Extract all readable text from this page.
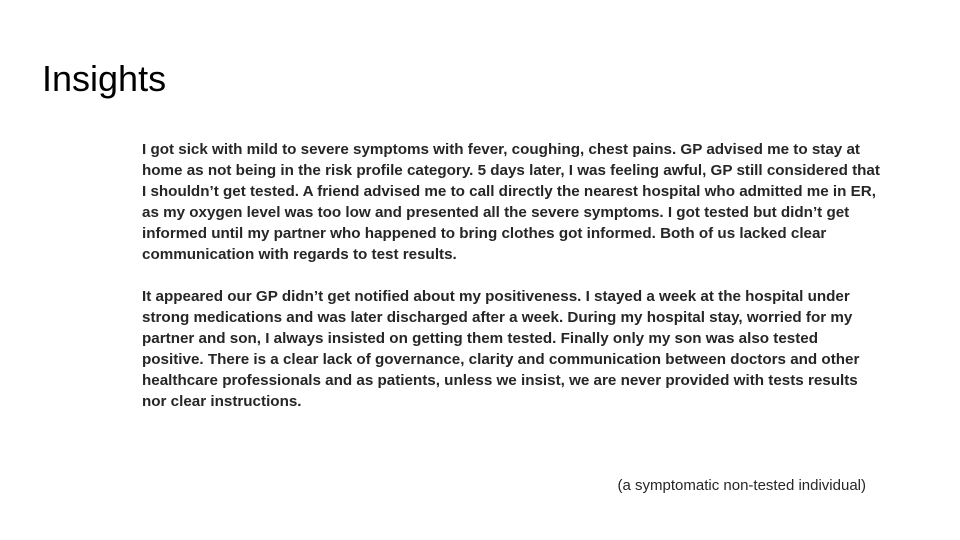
Insights

I got sick with mild to severe symptoms with fever, coughing, chest pains. GP advised me to stay at home as not being in the risk profile category. 5 days later, I was feeling awful, GP still considered that I shouldn’t get tested. A friend advised me to call directly the nearest hospital who admitted me in ER, as my oxygen level was too low and presented all the severe symptoms. I got tested but didn’t get informed until my partner who happened to bring clothes got informed. Both of us lacked clear communication with regards to test results.

It appeared our GP didn’t get notified about my positiveness. I stayed a week at the hospital under strong medications and was later discharged after a week. During my hospital stay, worried for my partner and son, I always insisted on getting them tested. Finally only my son was also tested positive. There is a clear lack of governance, clarity and communication between doctors and other healthcare professionals and as patients, unless we insist, we are never provided with tests results nor clear instructions.

(a symptomatic non-tested individual)
